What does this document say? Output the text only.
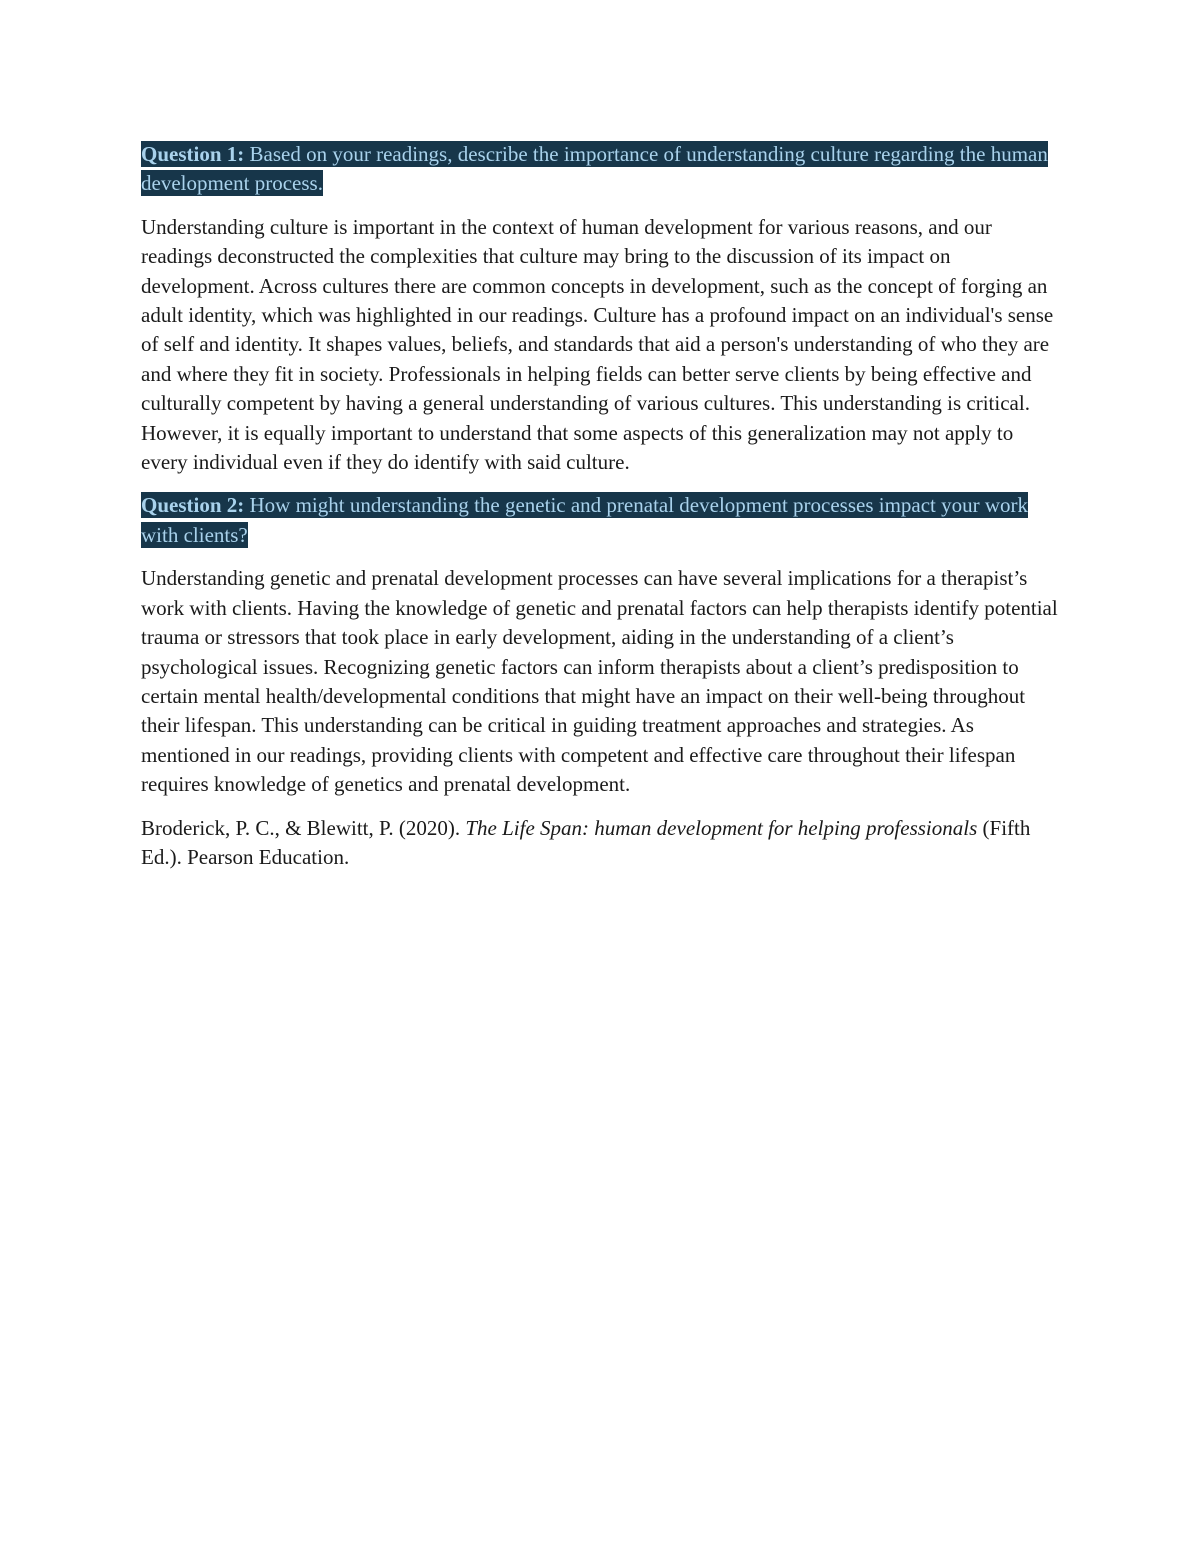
Question 1: Based on your readings, describe the importance of understanding culture regarding the human development process.

Understanding culture is important in the context of human development for various reasons, and our readings deconstructed the complexities that culture may bring to the discussion of its impact on development. Across cultures there are common concepts in development, such as the concept of forging an adult identity, which was highlighted in our readings. Culture has a profound impact on an individual's sense of self and identity. It shapes values, beliefs, and standards that aid a person's understanding of who they are and where they fit in society. Professionals in helping fields can better serve clients by being effective and culturally competent by having a general understanding of various cultures. This understanding is critical. However, it is equally important to understand that some aspects of this generalization may not apply to every individual even if they do identify with said culture.

Question 2: How might understanding the genetic and prenatal development processes impact your work with clients?

Understanding genetic and prenatal development processes can have several implications for a therapist’s work with clients. Having the knowledge of genetic and prenatal factors can help therapists identify potential trauma or stressors that took place in early development, aiding in the understanding of a client’s psychological issues. Recognizing genetic factors can inform therapists about a client’s predisposition to certain mental health/developmental conditions that might have an impact on their well-being throughout their lifespan. This understanding can be critical in guiding treatment approaches and strategies. As mentioned in our readings, providing clients with competent and effective care throughout their lifespan requires knowledge of genetics and prenatal development.

Broderick, P. C., & Blewitt, P. (2020). The Life Span: human development for helping professionals (Fifth Ed.). Pearson Education.
